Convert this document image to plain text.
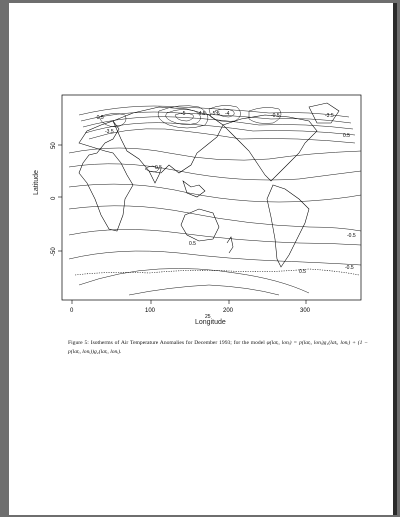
50
0
-50
0	100	200	300
-0.5
-3.5
-5 -4.5 -5.5 -4	-0.5	-3.5
0.5
0.5
-0.5
0.5
0.5
-0.5
25
Latitude
Longitude
Figure 5: Isotherms of Air Temperature Anomalies for December 1993; for the model φ(latᵢ, lonᵢ) = p(latᵢ, lonᵢ)g₁(latᵢ, lonᵢ) + (1 − p(latᵢ, lonᵢ))g₂(latᵢ, lonᵢ).
